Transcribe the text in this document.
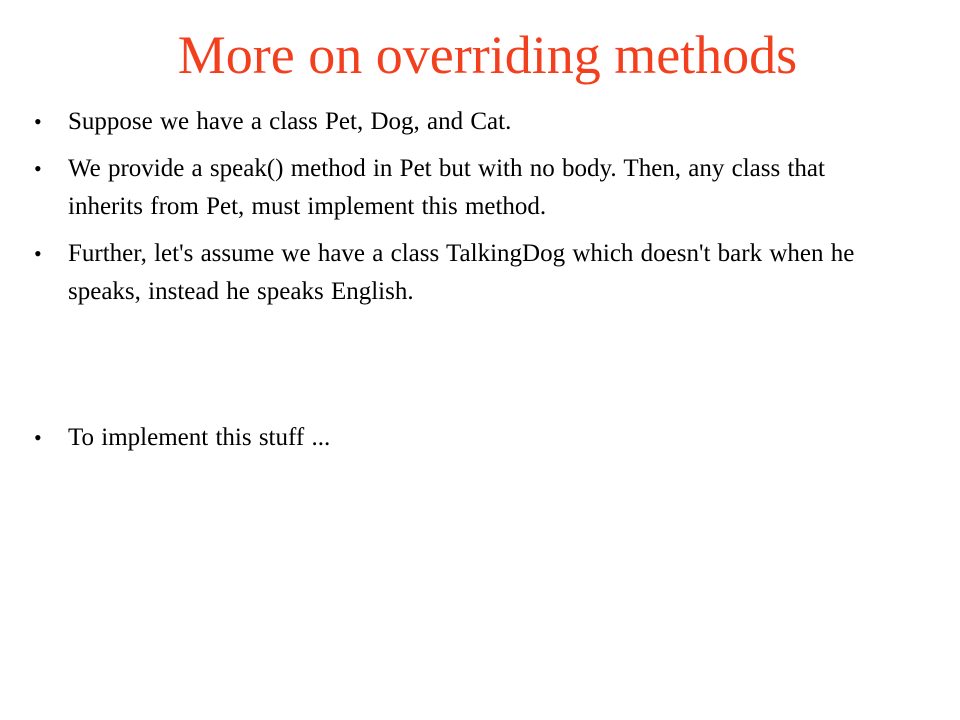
More on overriding methods
•	Suppose we have a class Pet, Dog, and Cat.
•	We provide a speak() method in Pet but with no body. Then, any class that inherits from Pet, must implement this method.
•	Further, let's assume we have a class TalkingDog which doesn't bark when he speaks, instead he speaks English.
•	To implement this stuff ...
